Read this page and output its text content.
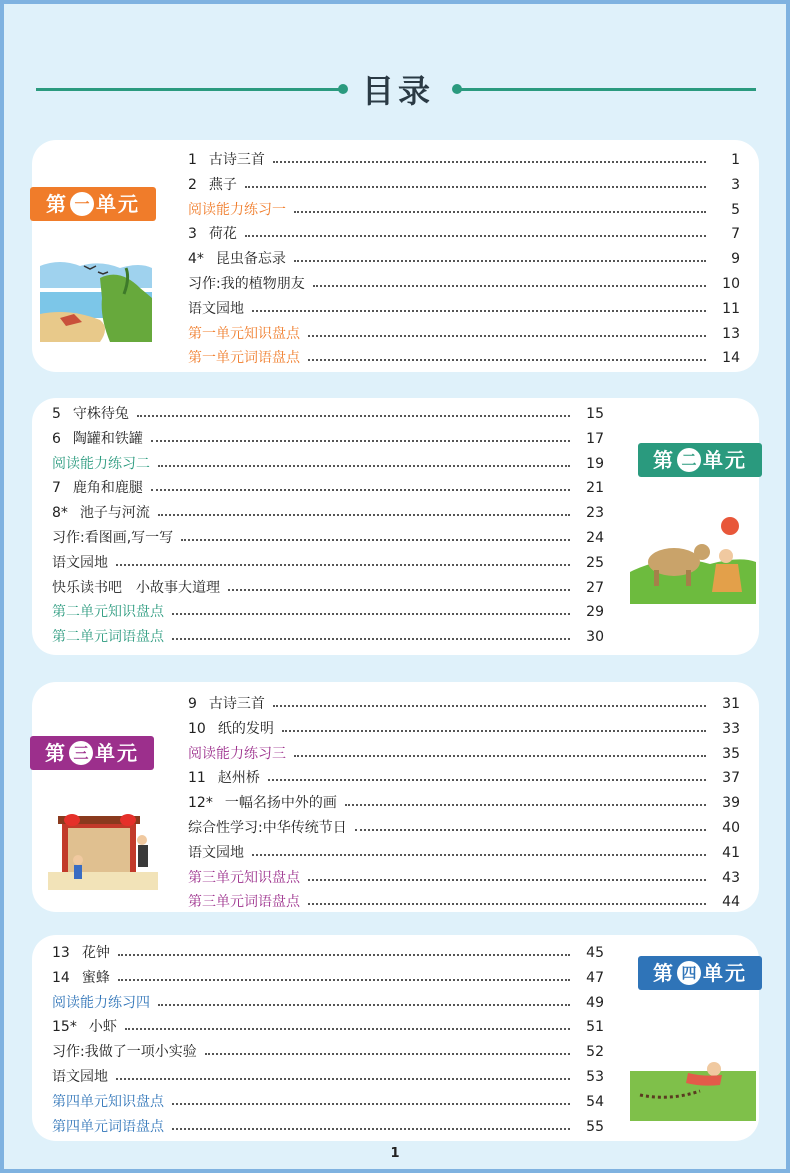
目录
第 一 单元
1 古诗三首	1
2 燕子	3
阅读能力练习一	5
3 荷花	7
4* 昆虫备忘录	9
习作:我的植物朋友	10
语文园地	11
第一单元知识盘点	13
第一单元词语盘点	14
第 二 单元
5 守株待兔	15
6 陶罐和铁罐	17
阅读能力练习二	19
7 鹿角和鹿腿	21
8* 池子与河流	23
习作:看图画,写一写	24
语文园地	25
快乐读书吧　小故事大道理	27
第二单元知识盘点	29
第二单元词语盘点	30
第 三 单元
9 古诗三首	31
10 纸的发明	33
阅读能力练习三	35
11 赵州桥	37
12* 一幅名扬中外的画	39
综合性学习:中华传统节日	40
语文园地	41
第三单元知识盘点	43
第三单元词语盘点	44
第 四 单元
13 花钟	45
14 蜜蜂	47
阅读能力练习四	49
15* 小虾	51
习作:我做了一项小实验	52
语文园地	53
第四单元知识盘点	54
第四单元词语盘点	55
1
